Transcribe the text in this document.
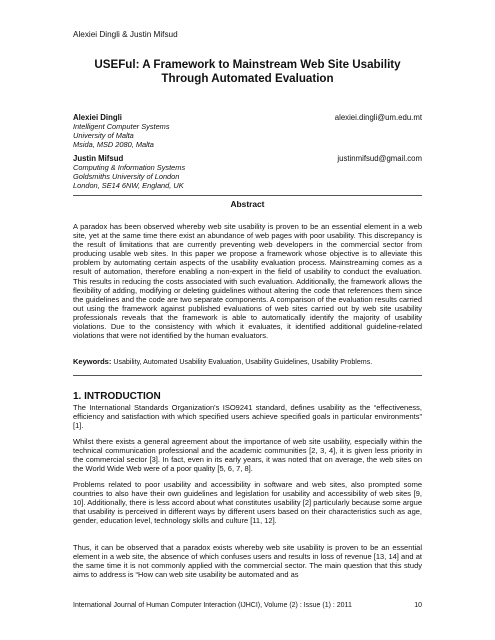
Alexiei Dingli & Justin Mifsud
USEFul: A Framework to Mainstream Web Site Usability
Through Automated Evaluation
Alexiei Dingli
Intelligent Computer Systems
University of Malta
Msida, MSD 2080, Malta
alexiei.dingli@um.edu.mt
Justin Mifsud
Computing & Information Systems
Goldsmiths University of London
London, SE14 6NW, England, UK
justinmifsud@gmail.com
Abstract
A paradox has been observed whereby web site usability is proven to be an essential element in a web site, yet at the same time there exist an abundance of web pages with poor usability. This discrepancy is the result of limitations that are currently preventing web developers in the commercial sector from producing usable web sites. In this paper we propose a framework whose objective is to alleviate this problem by automating certain aspects of the usability evaluation process. Mainstreaming comes as a result of automation, therefore enabling a non-expert in the field of usability to conduct the evaluation. This results in reducing the costs associated with such evaluation. Additionally, the framework allows the flexibility of adding, modifying or deleting guidelines without altering the code that references them since the guidelines and the code are two separate components. A comparison of the evaluation results carried out using the framework against published evaluations of web sites carried out by web site usability professionals reveals that the framework is able to automatically identify the majority of usability violations. Due to the consistency with which it evaluates, it identified additional guideline-related violations that were not identified by the human evaluators.
Keywords: Usability, Automated Usability Evaluation, Usability Guidelines, Usability Problems.
1. INTRODUCTION
The International Standards Organization's ISO9241 standard, defines usability as the “effectiveness, efficiency and satisfaction with which specified users achieve specified goals in particular environments” [1].
Whilst there exists a general agreement about the importance of web site usability, especially within the technical communication professional and the academic communities [2, 3, 4], it is given less priority in the commercial sector [3]. In fact, even in its early years, it was noted that on average, the web sites on the World Wide Web were of a poor quality [5, 6, 7, 8].
Problems related to poor usability and accessibility in software and web sites, also prompted some countries to also have their own guidelines and legislation for usability and accessibility of web sites [9, 10]. Additionally, there is less accord about what constitutes usability [2] particularly because some argue that usability is perceived in different ways by different users based on their characteristics such as age, gender, education level, technology skills and culture [11, 12].
Thus, it can be observed that a paradox exists whereby web site usability is proven to be an essential element in a web site, the absence of which confuses users and results in loss of revenue [13, 14] and at the same time it is not commonly applied with the commercial sector. The main question that this study aims to address is “How can web site usability be automated and as
International Journal of Human Computer Interaction (IJHCI), Volume (2) : Issue (1) : 2011	10
